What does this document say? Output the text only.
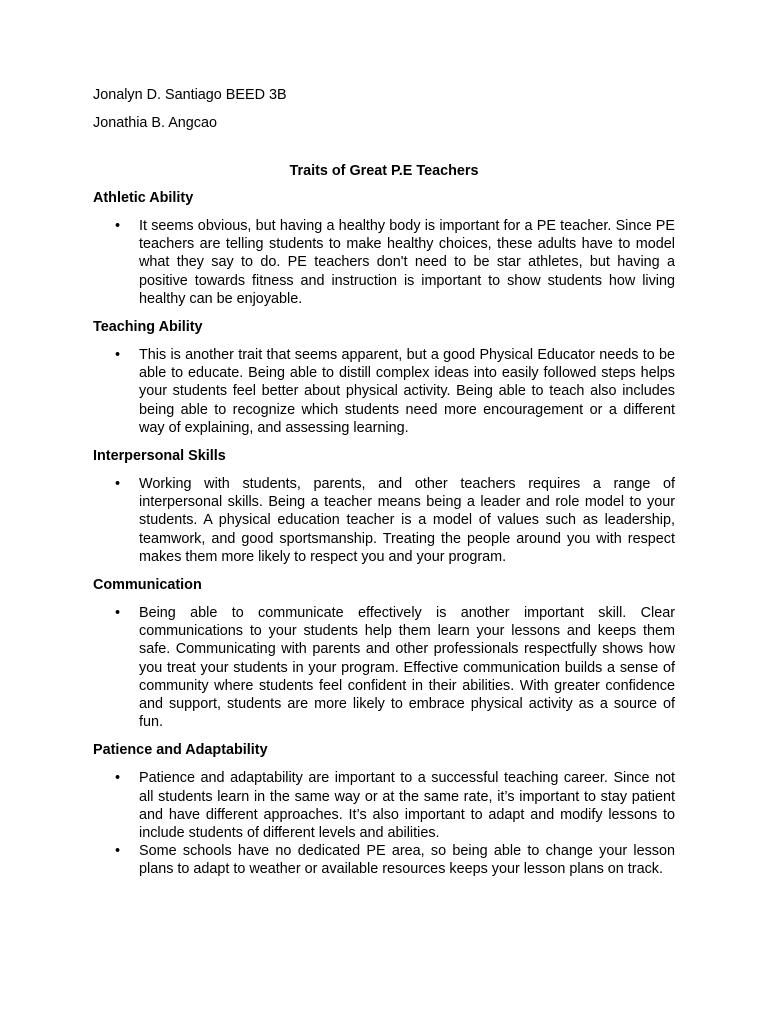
Jonalyn D. Santiago BEED 3B

Jonathia B. Angcao

Traits of Great P.E Teachers

Athletic Ability

• It seems obvious, but having a healthy body is important for a PE teacher. Since PE teachers are telling students to make healthy choices, these adults have to model what they say to do. PE teachers don't need to be star athletes, but having a positive towards fitness and instruction is important to show students how living healthy can be enjoyable.

Teaching Ability

• This is another trait that seems apparent, but a good Physical Educator needs to be able to educate. Being able to distill complex ideas into easily followed steps helps your students feel better about physical activity. Being able to teach also includes being able to recognize which students need more encouragement or a different way of explaining, and assessing learning.

Interpersonal Skills

• Working with students, parents, and other teachers requires a range of interpersonal skills. Being a teacher means being a leader and role model to your students. A physical education teacher is a model of values such as leadership, teamwork, and good sportsmanship. Treating the people around you with respect makes them more likely to respect you and your program.

Communication

• Being able to communicate effectively is another important skill. Clear communications to your students help them learn your lessons and keeps them safe. Communicating with parents and other professionals respectfully shows how you treat your students in your program. Effective communication builds a sense of community where students feel confident in their abilities. With greater confidence and support, students are more likely to embrace physical activity as a source of fun.

Patience and Adaptability

• Patience and adaptability are important to a successful teaching career. Since not all students learn in the same way or at the same rate, it’s important to stay patient and have different approaches. It’s also important to adapt and modify lessons to include students of different levels and abilities.
• Some schools have no dedicated PE area, so being able to change your lesson plans to adapt to weather or available resources keeps your lesson plans on track.
